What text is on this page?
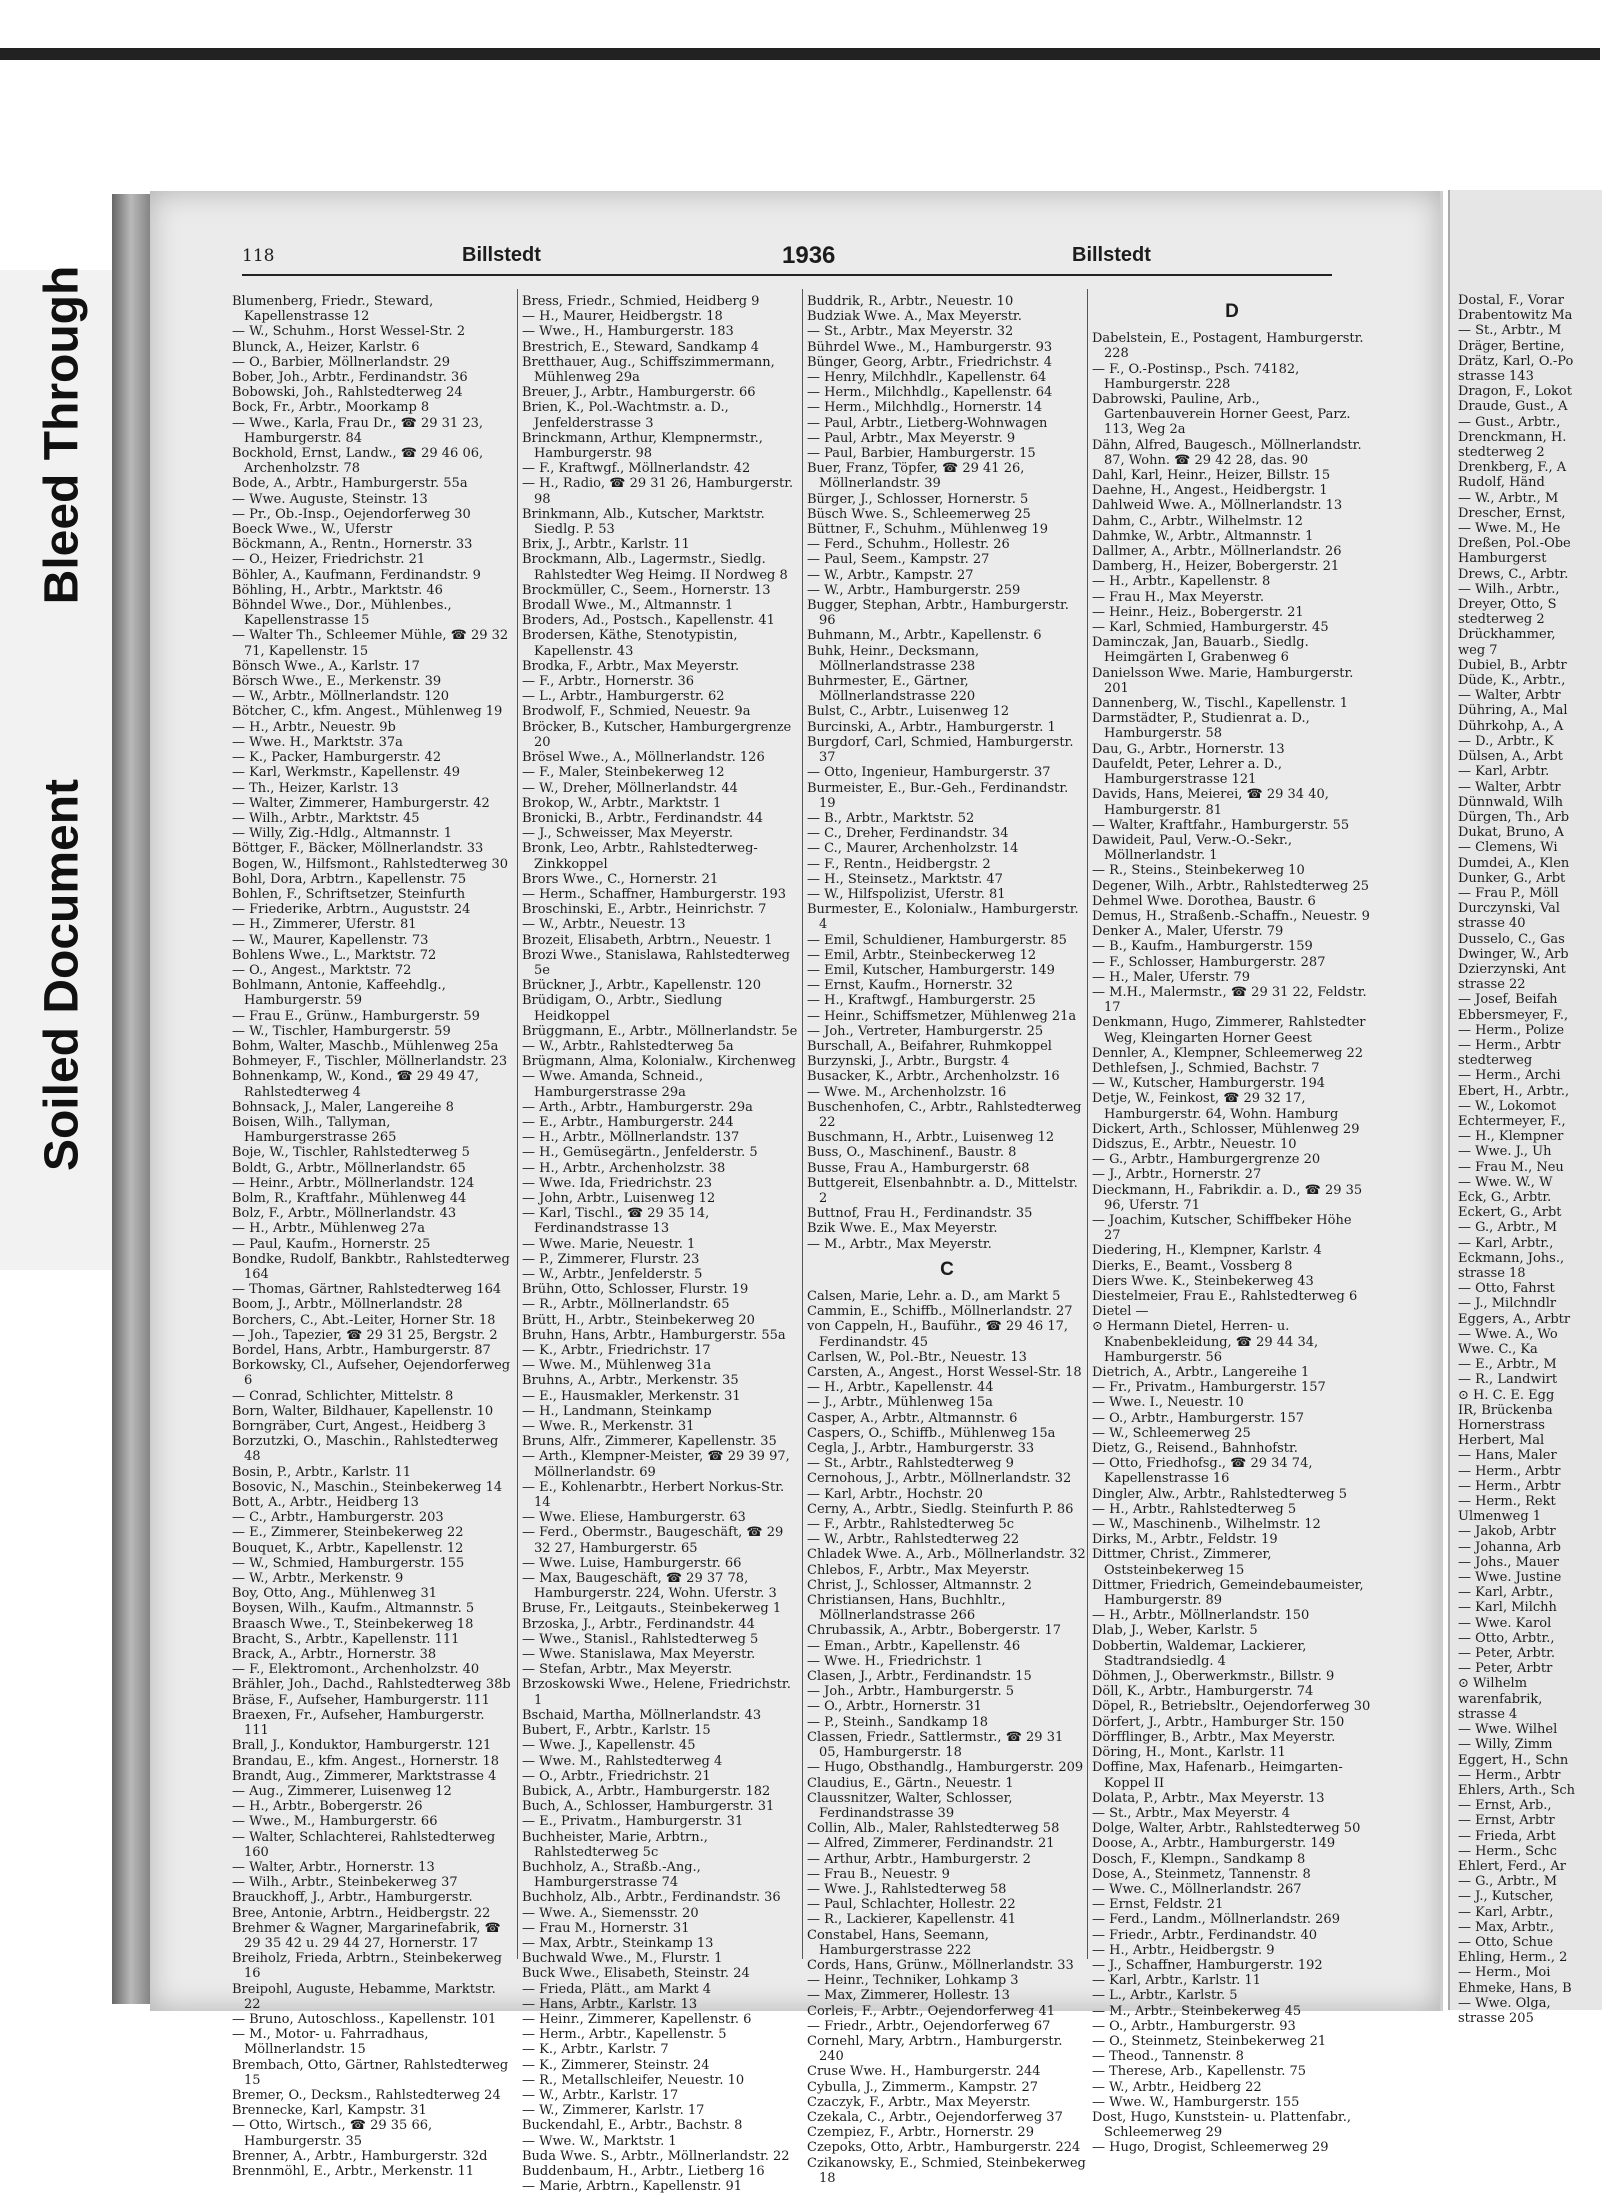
Bleed Through
Soiled Document
118	Billstedt	1936	Billstedt

Blumenberg, Friedr., Steward, Kapellenstrasse 12

— W., Schuhm., Horst Wessel-Str. 2

Blunck, A., Heizer, Karlstr. 6

— O., Barbier, Möllnerlandstr. 29

Bober, Joh., Arbtr., Ferdinandstr. 36

Bobowski, Joh., Rahlstedterweg 24

Bock, Fr., Arbtr., Moorkamp 8

— Wwe., Karla, Frau Dr., ☎ 29 31 23, Hamburgerstr. 84

Bockhold, Ernst, Landw., ☎ 29 46 06, Archenholzstr. 78

Bode, A., Arbtr., Hamburgerstr. 55a

— Wwe. Auguste, Steinstr. 13

— Pr., Ob.-Insp., Oejendorferweg 30

Boeck Wwe., W., Uferstr

Böckmann, A., Rentn., Hornerstr. 33

— O., Heizer, Friedrichstr. 21

Böhler, A., Kaufmann, Ferdinandstr. 9

Böhling, H., Arbtr., Marktstr. 46

Böhndel Wwe., Dor., Mühlenbes., Kapellenstrasse 15

— Walter Th., Schleemer Mühle, ☎ 29 32 71, Kapellenstr. 15

Bönsch Wwe., A., Karlstr. 17

Börsch Wwe., E., Merkenstr. 39

— W., Arbtr., Möllnerlandstr. 120

Bötcher, C., kfm. Angest., Mühlenweg 19

— H., Arbtr., Neuestr. 9b

— Wwe. H., Marktstr. 37a

— K., Packer, Hamburgerstr. 42

— Karl, Werkmstr., Kapellenstr. 49

— Th., Heizer, Karlstr. 13

— Walter, Zimmerer, Hamburgerstr. 42

— Wilh., Arbtr., Marktstr. 45

— Willy, Zig.-Hdlg., Altmannstr. 1

Böttger, F., Bäcker, Möllnerlandstr. 33

Bogen, W., Hilfsmont., Rahlstedterweg 30

Bohl, Dora, Arbtrn., Kapellenstr. 75

Bohlen, F., Schriftsetzer, Steinfurth

— Friederike, Arbtrn., Auguststr. 24

— H., Zimmerer, Uferstr. 81

— W., Maurer, Kapellenstr. 73

Bohlens Wwe., L., Marktstr. 72

— O., Angest., Marktstr. 72

Bohlmann, Antonie, Kaffeehdlg., Hamburgerstr. 59

— Frau E., Grünw., Hamburgerstr. 59

— W., Tischler, Hamburgerstr. 59

Bohm, Walter, Maschb., Mühlenweg 25a

Bohmeyer, F., Tischler, Möllnerlandstr. 23

Bohnenkamp, W., Kond., ☎ 29 49 47, Rahlstedterweg 4

Bohnsack, J., Maler, Langereihe 8

Boisen, Wilh., Tallyman, Hamburgerstrasse 265

Boje, W., Tischler, Rahlstedterweg 5

Boldt, G., Arbtr., Möllnerlandstr. 65

— Heinr., Arbtr., Möllnerlandstr. 124

Bolm, R., Kraftfahr., Mühlenweg 44

Bolz, F., Arbtr., Möllnerlandstr. 43

— H., Arbtr., Mühlenweg 27a

— Paul, Kaufm., Hornerstr. 25

Bondke, Rudolf, Bankbtr., Rahlstedterweg 164

— Thomas, Gärtner, Rahlstedterweg 164

Boom, J., Arbtr., Möllnerlandstr. 28

Borchers, C., Abt.-Leiter, Horner Str. 18

— Joh., Tapezier, ☎ 29 31 25, Bergstr. 2

Bordel, Hans, Arbtr., Hamburgerstr. 87

Borkowsky, Cl., Aufseher, Oejendorferweg 6

— Conrad, Schlichter, Mittelstr. 8

Born, Walter, Bildhauer, Kapellenstr. 10

Borngräber, Curt, Angest., Heidberg 3

Borzutzki, O., Maschin., Rahlstedterweg 48

Bosin, P., Arbtr., Karlstr. 11

Bosovic, N., Maschin., Steinbekerweg 14

Bott, A., Arbtr., Heidberg 13

— C., Arbtr., Hamburgerstr. 203

— E., Zimmerer, Steinbekerweg 22

Bouquet, K., Arbtr., Kapellenstr. 12

— W., Schmied, Hamburgerstr. 155

— W., Arbtr., Merkenstr. 9

Boy, Otto, Ang., Mühlenweg 31

Boysen, Wilh., Kaufm., Altmannstr. 5

Braasch Wwe., T., Steinbekerweg 18

Bracht, S., Arbtr., Kapellenstr. 111

Brack, A., Arbtr., Hornerstr. 38

— F., Elektromont., Archenholzstr. 40

Brähler, Joh., Dachd., Rahlstedterweg 38b

Bräse, F., Aufseher, Hamburgerstr. 111

Braexen, Fr., Aufseher, Hamburgerstr. 111

Brall, J., Konduktor, Hamburgerstr. 121

Brandau, E., kfm. Angest., Hornerstr. 18

Brandt, Aug., Zimmerer, Marktstrasse 4

— Aug., Zimmerer, Luisenweg 12

— H., Arbtr., Bobergerstr. 26

— Wwe., M., Hamburgerstr. 66

— Walter, Schlachterei, Rahlstedterweg 160

— Walter, Arbtr., Hornerstr. 13

— Wilh., Arbtr., Steinbekerweg 37

Brauckhoff, J., Arbtr., Hamburgerstr.

Bree, Antonie, Arbtrn., Heidbergstr. 22

Brehmer & Wagner, Margarinefabrik, ☎ 29 35 42 u. 29 44 27, Hornerstr. 17

Breiholz, Frieda, Arbtrn., Steinbekerweg 16

Breipohl, Auguste, Hebamme, Marktstr. 22

— Bruno, Autoschloss., Kapellenstr. 101

— M., Motor- u. Fahrradhaus, Möllnerlandstr. 15

Brembach, Otto, Gärtner, Rahlstedterweg 15

Bremer, O., Decksm., Rahlstedterweg 24

Brennecke, Karl, Kampstr. 31

— Otto, Wirtsch., ☎ 29 35 66, Hamburgerstr. 35

Brenner, A., Arbtr., Hamburgerstr. 32d

Brennmöhl, E., Arbtr., Merkenstr. 11

Bress, Friedr., Schmied, Heidberg 9

— H., Maurer, Heidbergstr. 18

— Wwe., H., Hamburgerstr. 183

Brestrich, E., Steward, Sandkamp 4

Bretthauer, Aug., Schiffszimmermann, Mühlenweg 29a

Breuer, J., Arbtr., Hamburgerstr. 66

Brien, K., Pol.-Wachtmstr. a. D., Jenfelderstrasse 3

Brinckmann, Arthur, Klempnermstr., Hamburgerstr. 98

— F., Kraftwgf., Möllnerlandstr. 42

— H., Radio, ☎ 29 31 26, Hamburgerstr. 98

Brinkmann, Alb., Kutscher, Marktstr. Siedlg. P. 53

Brix, J., Arbtr., Karlstr. 11

Brockmann, Alb., Lagermstr., Siedlg. Rahlstedter Weg Heimg. II Nordweg 8

Brockmüller, C., Seem., Hornerstr. 13

Brodall Wwe., M., Altmannstr. 1

Broders, Ad., Postsch., Kapellenstr. 41

Brodersen, Käthe, Stenotypistin, Kapellenstr. 43

Brodka, F., Arbtr., Max Meyerstr.

— F., Arbtr., Hornerstr. 36

— L., Arbtr., Hamburgerstr. 62

Brodwolf, F., Schmied, Neuestr. 9a

Bröcker, B., Kutscher, Hamburgergrenze 20

Brösel Wwe., A., Möllnerlandstr. 126

— F., Maler, Steinbekerweg 12

— W., Dreher, Möllnerlandstr. 44

Brokop, W., Arbtr., Marktstr. 1

Bronicki, B., Arbtr., Ferdinandstr. 44

— J., Schweisser, Max Meyerstr.

Bronk, Leo, Arbtr., Rahlstedterweg-Zinkkoppel

Brors Wwe., C., Hornerstr. 21

— Herm., Schaffner, Hamburgerstr. 193

Broschinski, E., Arbtr., Heinrichstr. 7

— W., Arbtr., Neuestr. 13

Brozeit, Elisabeth, Arbtrn., Neuestr. 1

Brozi Wwe., Stanislawa, Rahlstedterweg 5e

Brückner, J., Arbtr., Kapellenstr. 120

Brüdigam, O., Arbtr., Siedlung Heidkoppel

Brüggmann, E., Arbtr., Möllnerlandstr. 5e

— W., Arbtr., Rahlstedterweg 5a

Brügmann, Alma, Kolonialw., Kirchenweg

— Wwe. Amanda, Schneid., Hamburgerstrasse 29a

— Arth., Arbtr., Hamburgerstr. 29a

— E., Arbtr., Hamburgerstr. 244

— H., Arbtr., Möllnerlandstr. 137

— H., Gemüsegärtn., Jenfelderstr. 5

— H., Arbtr., Archenholzstr. 38

— Wwe. Ida, Friedrichstr. 23

— John, Arbtr., Luisenweg 12

— Karl, Tischl., ☎ 29 35 14, Ferdinandstrasse 13

— Wwe. Marie, Neuestr. 1

— P., Zimmerer, Flurstr. 23

— W., Arbtr., Jenfelderstr. 5

Brühn, Otto, Schlosser, Flurstr. 19

— R., Arbtr., Möllnerlandstr. 65

Brütt, H., Arbtr., Steinbekerweg 20

Bruhn, Hans, Arbtr., Hamburgerstr. 55a

— K., Arbtr., Friedrichstr. 17

— Wwe. M., Mühlenweg 31a

Bruhns, A., Arbtr., Merkenstr. 35

— E., Hausmakler, Merkenstr. 31

— H., Landmann, Steinkamp

— Wwe. R., Merkenstr. 31

Bruns, Alfr., Zimmerer, Kapellenstr. 35

— Arth., Klempner-Meister, ☎ 29 39 97, Möllnerlandstr. 69

— E., Kohlenarbtr., Herbert Norkus-Str. 14

— Wwe. Eliese, Hamburgerstr. 63

— Ferd., Obermstr., Baugeschäft, ☎ 29 32 27, Hamburgerstr. 65

— Wwe. Luise, Hamburgerstr. 66

— Max, Baugeschäft, ☎ 29 37 78, Hamburgerstr. 224, Wohn. Uferstr. 3

Bruse, Fr., Leitgauts., Steinbekerweg 1

Brzoska, J., Arbtr., Ferdinandstr. 44

— Wwe., Stanisl., Rahlstedterweg 5

— Wwe. Stanislawa, Max Meyerstr.

— Stefan, Arbtr., Max Meyerstr.

Brzoskowski Wwe., Helene, Friedrichstr. 1

Bschaid, Martha, Möllnerlandstr. 43

Bubert, F., Arbtr., Karlstr. 15

— Wwe. J., Kapellenstr. 45

— Wwe. M., Rahlstedterweg 4

— O., Arbtr., Friedrichstr. 21

Bubick, A., Arbtr., Hamburgerstr. 182

Buch, A., Schlosser, Hamburgerstr. 31

— E., Privatm., Hamburgerstr. 31

Buchheister, Marie, Arbtrn., Rahlstedterweg 5c

Buchholz, A., Straßb.-Ang., Hamburgerstrasse 74

Buchholz, Alb., Arbtr., Ferdinandstr. 36

— Wwe. A., Siemensstr. 20

— Frau M., Hornerstr. 31

— Max, Arbtr., Steinkamp 13

Buchwald Wwe., M., Flurstr. 1

Buck Wwe., Elisabeth, Steinstr. 24

— Frieda, Plätt., am Markt 4

— Hans, Arbtr., Karlstr. 13

— Heinr., Zimmerer, Kapellenstr. 6

— Herm., Arbtr., Kapellenstr. 5

— K., Arbtr., Karlstr. 7

— K., Zimmerer, Steinstr. 24

— R., Metallschleifer, Neuestr. 10

— W., Arbtr., Karlstr. 17

— W., Zimmerer, Karlstr. 17

Buckendahl, E., Arbtr., Bachstr. 8

— Wwe. W., Marktstr. 1

Buda Wwe. S., Arbtr., Möllnerlandstr. 22

Buddenbaum, H., Arbtr., Lietberg 16

— Marie, Arbtrn., Kapellenstr. 91

Buddrik, R., Arbtr., Neuestr. 10

Budziak Wwe. A., Max Meyerstr.

— St., Arbtr., Max Meyerstr. 32

Bührdel Wwe., M., Hamburgerstr. 93

Bünger, Georg, Arbtr., Friedrichstr. 4

— Henry, Milchhdlr., Kapellenstr. 64

— Herm., Milchhdlg., Kapellenstr. 64

— Herm., Milchhdlg., Hornerstr. 14

— Paul, Arbtr., Lietberg-Wohnwagen

— Paul, Arbtr., Max Meyerstr. 9

— Paul, Barbier, Hamburgerstr. 15

Buer, Franz, Töpfer, ☎ 29 41 26, Möllnerlandstr. 39

Bürger, J., Schlosser, Hornerstr. 5

Büsch Wwe. S., Schleemerweg 25

Büttner, F., Schuhm., Mühlenweg 19

— Ferd., Schuhm., Hollestr. 26

— Paul, Seem., Kampstr. 27

— W., Arbtr., Kampstr. 27

— W., Arbtr., Hamburgerstr. 259

Bugger, Stephan, Arbtr., Hamburgerstr. 96

Buhmann, M., Arbtr., Kapellenstr. 6

Buhk, Heinr., Decksmann, Möllnerlandstrasse 238

Buhrmester, E., Gärtner, Möllnerlandstrasse 220

Bulst, C., Arbtr., Luisenweg 12

Burcinski, A., Arbtr., Hamburgerstr. 1

Burgdorf, Carl, Schmied, Hamburgerstr. 37

— Otto, Ingenieur, Hamburgerstr. 37

Burmeister, E., Bur.-Geh., Ferdinandstr. 19

— B., Arbtr., Marktstr. 52

— C., Dreher, Ferdinandstr. 34

— C., Maurer, Archenholzstr. 14

— F., Rentn., Heidbergstr. 2

— H., Steinsetz., Marktstr. 47

— W., Hilfspolizist, Uferstr. 81

Burmester, E., Kolonialw., Hamburgerstr. 4

— Emil, Schuldiener, Hamburgerstr. 85

— Emil, Arbtr., Steinbeckerweg 12

— Emil, Kutscher, Hamburgerstr. 149

— Ernst, Kaufm., Hornerstr. 32

— H., Kraftwgf., Hamburgerstr. 25

— Heinr., Schiffsmetzer, Mühlenweg 21a

— Joh., Vertreter, Hamburgerstr. 25

Burschall, A., Beifahrer, Ruhmkoppel

Burzynski, J., Arbtr., Burgstr. 4

Busacker, K., Arbtr., Archenholzstr. 16

— Wwe. M., Archenholzstr. 16

Buschenhofen, C., Arbtr., Rahlstedterweg 22

Buschmann, H., Arbtr., Luisenweg 12

Buss, O., Maschinenf., Baustr. 8

Busse, Frau A., Hamburgerstr. 68

Buttgereit, Elsenbahnbtr. a. D., Mittelstr. 2

Buttnof, Frau H., Ferdinandstr. 35

Bzik Wwe. E., Max Meyerstr.

— M., Arbtr., Max Meyerstr.

C

Calsen, Marie, Lehr. a. D., am Markt 5

Cammin, E., Schiffb., Möllnerlandstr. 27

von Cappeln, H., Bauführ., ☎ 29 46 17, Ferdinandstr. 45

Carlsen, W., Pol.-Btr., Neuestr. 13

Carsten, A., Angest., Horst Wessel-Str. 18

— H., Arbtr., Kapellenstr. 44

— J., Arbtr., Mühlenweg 15a

Casper, A., Arbtr., Altmannstr. 6

Caspers, O., Schiffb., Mühlenweg 15a

Cegla, J., Arbtr., Hamburgerstr. 33

— St., Arbtr., Rahlstedterweg 9

Cernohous, J., Arbtr., Möllnerlandstr. 32

— Karl, Arbtr., Hochstr. 20

Cerny, A., Arbtr., Siedlg. Steinfurth P. 86

— F., Arbtr., Rahlstedterweg 5c

— W., Arbtr., Rahlstedterweg 22

Chladek Wwe. A., Arb., Möllnerlandstr. 32

Chlebos, F., Arbtr., Max Meyerstr.

Christ, J., Schlosser, Altmannstr. 2

Christiansen, Hans, Buchhltr., Möllnerlandstrasse 266

Chrubassik, A., Arbtr., Bobergerstr. 17

— Eman., Arbtr., Kapellenstr. 46

— Wwe. H., Friedrichstr. 1

Clasen, J., Arbtr., Ferdinandstr. 15

— Joh., Arbtr., Hamburgerstr. 5

— O., Arbtr., Hornerstr. 31

— P., Steinh., Sandkamp 18

Classen, Friedr., Sattlermstr., ☎ 29 31 05, Hamburgerstr. 18

— Hugo, Obsthandlg., Hamburgerstr. 209

Claudius, E., Gärtn., Neuestr. 1

Claussnitzer, Walter, Schlosser, Ferdinandstrasse 39

Collin, Alb., Maler, Rahlstedterweg 58

— Alfred, Zimmerer, Ferdinandstr. 21

— Arthur, Arbtr., Hamburgerstr. 2

— Frau B., Neuestr. 9

— Wwe. J., Rahlstedterweg 58

— Paul, Schlachter, Hollestr. 22

— R., Lackierer, Kapellenstr. 41

Constabel, Hans, Seemann, Hamburgerstrasse 222

Cords, Hans, Grünw., Möllnerlandstr. 33

— Heinr., Techniker, Lohkamp 3

— Max, Zimmerer, Hollestr. 13

Corleis, F., Arbtr., Oejendorferweg 41

— Friedr., Arbtr., Oejendorferweg 67

Cornehl, Mary, Arbtrn., Hamburgerstr. 240

Cruse Wwe. H., Hamburgerstr. 244

Cybulla, J., Zimmerm., Kampstr. 27

Czaczyk, F., Arbtr., Max Meyerstr.

Czekala, C., Arbtr., Oejendorferweg 37

Czempiez, F., Arbtr., Hornerstr. 29

Czepoks, Otto, Arbtr., Hamburgerstr. 224

Czikanowsky, E., Schmied, Steinbekerweg 18

D

Dabelstein, E., Postagent, Hamburgerstr. 228

— F., O.-Postinsp., Psch. 74182, Hamburgerstr. 228

Dabrowski, Pauline, Arb., Gartenbauverein Horner Geest, Parz. 113, Weg 2a

Dähn, Alfred, Baugesch., Möllnerlandstr. 87, Wohn. ☎ 29 42 28, das. 90

Dahl, Karl, Heinr., Heizer, Billstr. 15

Daehne, H., Angest., Heidbergstr. 1

Dahlweid Wwe. A., Möllnerlandstr. 13

Dahm, C., Arbtr., Wilhelmstr. 12

Dahmke, W., Arbtr., Altmannstr. 1

Dallmer, A., Arbtr., Möllnerlandstr. 26

Damberg, H., Heizer, Bobergerstr. 21

— H., Arbtr., Kapellenstr. 8

— Frau H., Max Meyerstr.

— Heinr., Heiz., Bobergerstr. 21

— Karl, Schmied, Hamburgerstr. 45

Daminczak, Jan, Bauarb., Siedlg. Heimgärten I, Grabenweg 6

Danielsson Wwe. Marie, Hamburgerstr. 201

Dannenberg, W., Tischl., Kapellenstr. 1

Darmstädter, P., Studienrat a. D., Hamburgerstr. 58

Dau, G., Arbtr., Hornerstr. 13

Daufeldt, Peter, Lehrer a. D., Hamburgerstrasse 121

Davids, Hans, Meierei, ☎ 29 34 40, Hamburgerstr. 81

— Walter, Kraftfahr., Hamburgerstr. 55

Dawideit, Paul, Verw.-O.-Sekr., Möllnerlandstr. 1

— R., Steins., Steinbekerweg 10

Degener, Wilh., Arbtr., Rahlstedterweg 25

Dehmel Wwe. Dorothea, Baustr. 6

Demus, H., Straßenb.-Schaffn., Neuestr. 9

Denker A., Maler, Uferstr. 79

— B., Kaufm., Hamburgerstr. 159

— F., Schlosser, Hamburgerstr. 287

— H., Maler, Uferstr. 79

— M.H., Malermstr., ☎ 29 31 22, Feldstr. 17

Denkmann, Hugo, Zimmerer, Rahlstedter Weg, Kleingarten Horner Geest

Dennler, A., Klempner, Schleemerweg 22

Dethlefsen, J., Schmied, Bachstr. 7

— W., Kutscher, Hamburgerstr. 194

Detje, W., Feinkost, ☎ 29 32 17, Hamburgerstr. 64, Wohn. Hamburg

Dickert, Arth., Schlosser, Mühlenweg 29

Didszus, E., Arbtr., Neuestr. 10

— G., Arbtr., Hamburgergrenze 20

— J., Arbtr., Hornerstr. 27

Dieckmann, H., Fabrikdir. a. D., ☎ 29 35 96, Uferstr. 71

— Joachim, Kutscher, Schiffbeker Höhe 27

Diedering, H., Klempner, Karlstr. 4

Dierks, E., Beamt., Vossberg 8

Diers Wwe. K., Steinbekerweg 43

Diestelmeier, Frau E., Rahlstedterweg 6

Dietel —

⊙ Hermann Dietel, Herren- u. Knabenbekleidung, ☎ 29 44 34, Hamburgerstr. 56

Dietrich, A., Arbtr., Langereihe 1

— Fr., Privatm., Hamburgerstr. 157

— Wwe. I., Neuestr. 10

— O., Arbtr., Hamburgerstr. 157

— W., Schleemerweg 25

Dietz, G., Reisend., Bahnhofstr.

— Otto, Friedhofsg., ☎ 29 34 74, Kapellenstrasse 16

Dingler, Alw., Arbtr., Rahlstedterweg 5

— H., Arbtr., Rahlstedterweg 5

— W., Maschinenb., Wilhelmstr. 12

Dirks, M., Arbtr., Feldstr. 19

Dittmer, Christ., Zimmerer, Oststeinbekerweg 15

Dittmer, Friedrich, Gemeindebaumeister, Hamburgerstr. 89

— H., Arbtr., Möllnerlandstr. 150

Dlab, J., Weber, Karlstr. 5

Dobbertin, Waldemar, Lackierer, Stadtrandsiedlg. 4

Döhmen, J., Oberwerkmstr., Billstr. 9

Döll, K., Arbtr., Hamburgerstr. 74

Döpel, R., Betriebsltr., Oejendorferweg 30

Dörfert, J., Arbtr., Hamburger Str. 150

Dörfflinger, B., Arbtr., Max Meyerstr.

Döring, H., Mont., Karlstr. 11

Doffine, Max, Hafenarb., Heimgarten-Koppel II

Dolata, P., Arbtr., Max Meyerstr. 13

— St., Arbtr., Max Meyerstr. 4

Dolge, Walter, Arbtr., Rahlstedterweg 50

Doose, A., Arbtr., Hamburgerstr. 149

Dosch, F., Klempn., Sandkamp 8

Dose, A., Steinmetz, Tannenstr. 8

— Wwe. C., Möllnerlandstr. 267

— Ernst, Feldstr. 21

— Ferd., Landm., Möllnerlandstr. 269

— Friedr., Arbtr., Ferdinandstr. 40

— H., Arbtr., Heidbergstr. 9

— J., Schaffner, Hamburgerstr. 192

— Karl, Arbtr., Karlstr. 11

— L., Arbtr., Karlstr. 5

— M., Arbtr., Steinbekerweg 45

— O., Arbtr., Hamburgerstr. 93

— O., Steinmetz, Steinbekerweg 21

— Theod., Tannenstr. 8

— Therese, Arb., Kapellenstr. 75

— W., Arbtr., Heidberg 22

— Wwe. W., Hamburgerstr. 155

Dost, Hugo, Kunststein- u. Plattenfabr., Schleemerweg 29

— Hugo, Drogist, Schleemerweg 29

Dostal, F., Vorar

Drabentowitz Ma

— St., Arbtr., M

Dräger, Bertine,

Drätz, Karl, O.-Po

strasse 143

Dragon, F., Lokot

Draude, Gust., A

— Gust., Arbtr.,

Drenckmann, H.

stedterweg 2

Drenkberg, F., A

Rudolf, Händ

— W., Arbtr., M

Drescher, Ernst,

— Wwe. M., He

Dreßen, Pol.-Obe

Hamburgerst

Drews, C., Arbtr.

— Wilh., Arbtr.,

Dreyer, Otto, S

stedterweg 2

Drückhammer,

weg 7

Dubiel, B., Arbtr

Düde, K., Arbtr.,

— Walter, Arbtr

Dühring, A., Mal

Dührkohp, A., A

— D., Arbtr., K

Dülsen, A., Arbt

— Karl, Arbtr.

— Walter, Arbtr

Dünnwald, Wilh

Dürgen, Th., Arb

Dukat, Bruno, A

— Clemens, Wi

Dumdei, A., Klen

Dunker, G., Arbt

— Frau P., Möll

Durczynski, Val

strasse 40

Dusselo, C., Gas

Dwinger, W., Arb

Dzierzynski, Ant

strasse 22

— Josef, Beifah

Ebbersmeyer, F.,

— Herm., Polize

— Herm., Arbtr

stedterweg

— Herm., Archi

Ebert, H., Arbtr.,

— W., Lokomot

Echtermeyer, F.,

— H., Klempner

— Wwe. J., Uh

— Frau M., Neu

— Wwe. W., W

Eck, G., Arbtr.

Eckert, G., Arbt

— G., Arbtr., M

— Karl, Arbtr.,

Eckmann, Johs.,

strasse 18

— Otto, Fahrst

— J., Milchndlr

Eggers, A., Arbtr

— Wwe. A., Wo

Wwe. C., Ka

— E., Arbtr., M

— R., Landwirt

⊙ H. C. E. Egg

IR, Brückenba

Hornerstrass

Herbert, Mal

— Hans, Maler

— Herm., Arbtr

— Herm., Arbtr

— Herm., Rekt

Ulmenweg 1

— Jakob, Arbtr

— Johanna, Arb

— Johs., Mauer

— Wwe. Justine

— Karl, Arbtr.,

— Karl, Milchh

— Wwe. Karol

— Otto, Arbtr.,

— Peter, Arbtr.

— Peter, Arbtr

⊙ Wilhelm

warenfabrik,

strasse 4

— Wwe. Wilhel

— Willy, Zimm

Eggert, H., Schn

— Herm., Arbtr

Ehlers, Arth., Sch

— Ernst, Arb.,

— Ernst, Arbtr

— Frieda, Arbt

— Herm., Schc

Ehlert, Ferd., Ar

— G., Arbtr., M

— J., Kutscher,

— Karl, Arbtr.,

— Max, Arbtr.,

— Otto, Schue

Ehling, Herm., 2

— Herm., Moi

Ehmeke, Hans, B

— Wwe. Olga,

strasse 205
